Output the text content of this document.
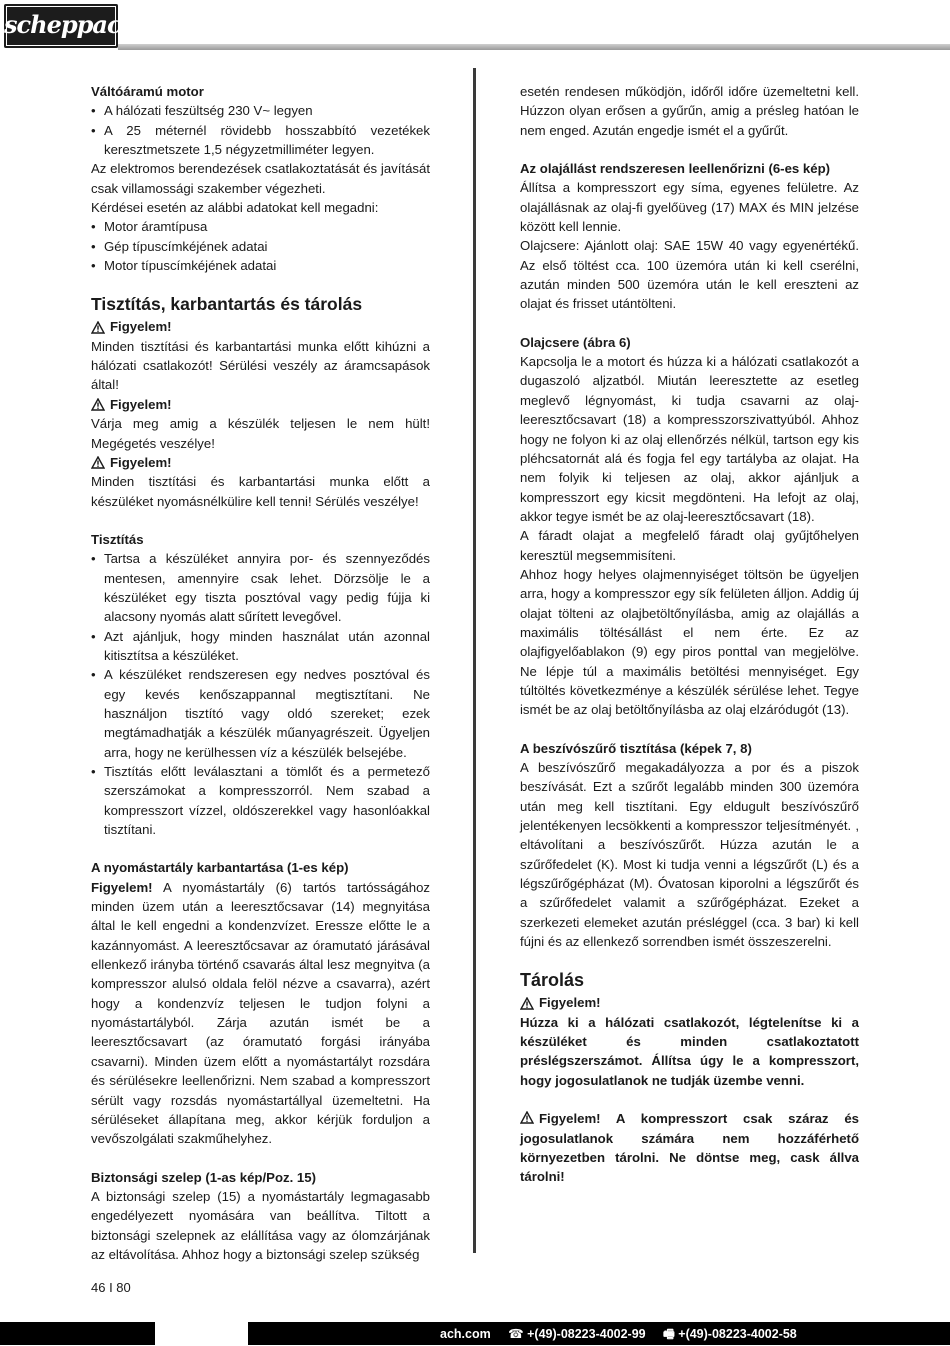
scheppach

Váltóáramú motor

• A hálózati feszültség 230 V~ legyen
• A 25 méternél rövidebb hosszabbító vezetékek keresztmetszete 1,5 négyzetmilliméter legyen.

Az elektromos berendezések csatlakoztatását és javítását csak villamossági szakember végezheti.

Kérdései esetén az alábbi adatokat kell megadni:

• Motor áramtípusa
• Gép típuscímkéjének adatai
• Motor típuscímkéjének adatai
Tisztítás, karbantartás és tárolás
Figyelem!

Minden tisztítási és karbantartási munka előtt kihúzni a hálózati csatlakozót! Sérülési veszély az áramcsapások által!

Figyelem!

Várja meg amig a készülék teljesen le nem hült! Megégetés veszélye!

Figyelem!

Minden tisztítási és karbantartási munka előtt a készüléket nyomásnélkülire kell tenni! Sérülés veszélye!

Tisztítás

• Tartsa a készüléket annyira por- és szennyeződés mentesen, amennyire csak lehet. Dörzsölje le a készüléket egy tiszta posztóval vagy pedig fújja ki alacsony nyomás alatt sűrített levegővel.
• Azt ajánljuk, hogy minden használat után azonnal kitisztítsa a készüléket.
• A készüléket rendszeresen egy nedves posztóval és egy kevés kenőszappannal megtisztítani. Ne használjon tisztító vagy oldó szereket; ezek megtámadhatják a készülék műanyagrészeit. Ügyeljen arra, hogy ne kerülhessen víz a készülék belsejébe.
• Tisztítás előtt leválasztani a tömlőt és a permetező szerszámokat a kompresszorról. Nem szabad a kompresszort vízzel, oldószerekkel vagy hasonlóakkal tisztítani.

A nyomástartály karbantartása (1-es kép)

Figyelem! A nyomástartály (6) tartós tartósságához minden üzem után a leeresztőcsavar (14) megnyitása által le kell engedni a kondenzvízet. Eressze előtte le a kazánnyomást. A leeresztőcsavar az óramutató járásával ellenkező irányba történő csavarás által lesz megnyitva (a kompresszor alulsó oldala felöl nézve a csavarra), azért hogy a kondenzvíz teljesen le tudjon folyni a nyomástartályból. Zárja azután ismét be a leeresztőcsavart (az óramutató forgási irányába csavarni). Minden üzem előtt a nyomástartályt rozsdára és sérülésekre leellenőrizni. Nem szabad a kompresszort sérült vagy rozsdás nyomástartállyal üzemeltetni. Ha sérüléseket állapítana meg, akkor kérjük forduljon a vevőszolgálati szakműhelyhez.

Biztonsági szelep (1-as kép/Poz. 15)

A biztonsági szelep (15) a nyomástartály legmagasabb engedélyezett nyomására van beállítva. Tiltott a biztonsági szelepnek az elállítása vagy az ólomzárjának az eltávolítása. Ahhoz hogy a biztonsági szelep szükség

esetén rendesen működjön, időről időre üzemeltetni kell. Húzzon olyan erősen a gyűrűn, amig a présleg hatóan le nem enged. Azután engedje ismét el a gyűrűt.

Az olajállást rendszeresen leellenőrizni (6-es kép)

Állítsa a kompresszort egy síma, egyenes felületre. Az olajállásnak az olaj-fi gyelőüveg (17) MAX és MIN jelzése között kell lennie.

Olajcsere: Ajánlott olaj: SAE 15W 40 vagy egyenértékű. Az első töltést cca. 100 üzemóra után ki kell cserélni, azután minden 500 üzemóra után le kell ereszteni az olajat és frisset utántölteni.

Olajcsere (ábra 6)

Kapcsolja le a motort és húzza ki a hálózati csatlakozót a dugaszoló aljzatból. Miután leeresztette az esetleg meglevő légnyomást, ki tudja csavarni az olaj-leeresztőcsavart (18) a kompresszorszivattyúból. Ahhoz hogy ne folyon ki az olaj ellenőrzés nélkül, tartson egy kis pléhcsatornát alá és fogja fel egy tartályba az olajat. Ha nem folyik ki teljesen az olaj, akkor ajánljuk a kompresszort egy kicsit megdönteni. Ha lefojt az olaj, akkor tegye ismét be az olaj-leeresztőcsavart (18).

A fáradt olajat a megfelelő fáradt olaj gyűjtőhelyen keresztül megsemmisíteni.

Ahhoz hogy helyes olajmennyiséget töltsön be ügyeljen arra, hogy a kompresszor egy sík felületen álljon. Addig új olajat tölteni az olajbetöltőnyílásba, amig az olajállás a maximális töltésállást el nem érte. Ez az olajfigyelőablakon (9) egy piros ponttal van megjelölve. Ne lépje túl a maximális betöltési mennyiséget. Egy túltöltés következménye a készülék sérülése lehet. Tegye ismét be az olaj betöltőnyílásba az olaj elzáródugót (13).

A beszívószűrő tisztítása (képek 7, 8)

A beszívószűrő megakadályozza a por és a piszok beszívását. Ezt a szűrőt legalább minden 300 üzemóra után meg kell tisztítani. Egy eldugult beszívószűrő jelentékenyen lecsökkenti a kompresszor teljesítményét. , eltávolítani a beszívószűrőt. Húzza azután le a szűrőfedelet (K). Most ki tudja venni a légszűrőt (L) és a légszűrőgépházat (M). Óvatosan kiporolni a légszűrőt és a szűrőfedelet valamit a szűrőgépházat. Ezeket a szerkezeti elemeket azután présléggel (cca. 3 bar) ki kell fújni és az ellenkező sorrendben ismét összeszerelni.

Tárolás
Figyelem!

Húzza ki a hálózati csatlakozót, légtelenítse ki a készüléket és minden csatlakoztatott préslégszerszámot. Állítsa úgy le a kompresszort, hogy jogosulatlanok ne tudják üzembe venni.

Figyelem! A kompresszort csak száraz és jogosulatlanok számára nem hozzáférhető környezetben tárolni. Ne döntse meg, cask állva tárolni!

46 I 80
ach.com ☎ +(49)-08223-4002-99 🖷 +(49)-08223-4002-58
